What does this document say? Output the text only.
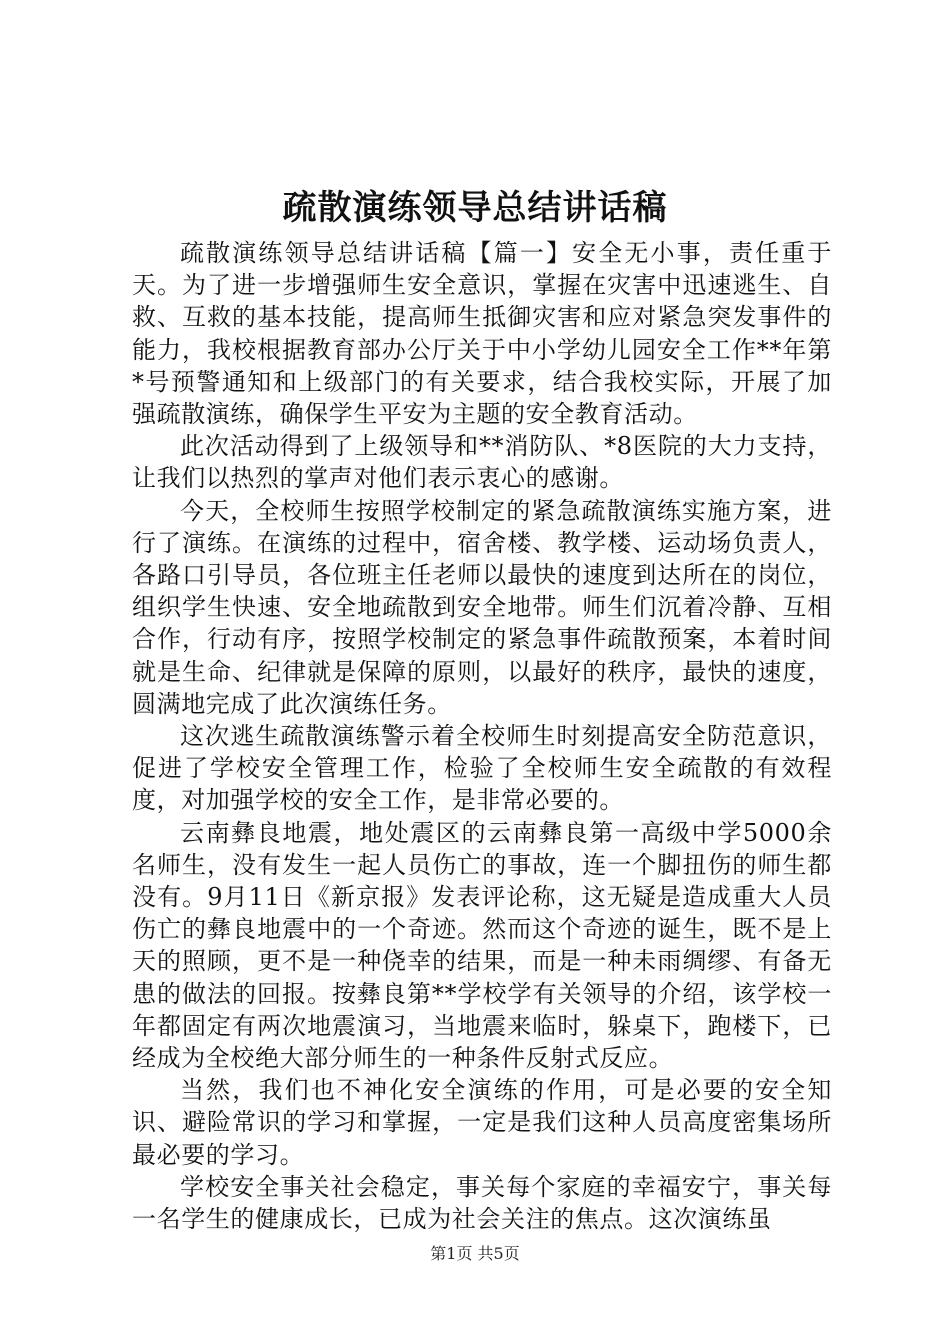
疏散演练领导总结讲话稿

疏散演练领导总结讲话稿【篇一】安全无小事，责任重于天。为了进一步增强师生安全意识，掌握在灾害中迅速逃生、自救、互救的基本技能，提高师生抵御灾害和应对紧急突发事件的能力，我校根据教育部办公厅关于中小学幼儿园安全工作**年第*号预警通知和上级部门的有关要求，结合我校实际，开展了加强疏散演练，确保学生平安为主题的安全教育活动。

此次活动得到了上级领导和**消防队、*8医院的大力支持，让我们以热烈的掌声对他们表示衷心的感谢。

今天，全校师生按照学校制定的紧急疏散演练实施方案，进行了演练。在演练的过程中，宿舍楼、教学楼、运动场负责人，各路口引导员，各位班主任老师以最快的速度到达所在的岗位，组织学生快速、安全地疏散到安全地带。师生们沉着冷静、互相合作，行动有序，按照学校制定的紧急事件疏散预案，本着时间就是生命、纪律就是保障的原则，以最好的秩序，最快的速度，圆满地完成了此次演练任务。

这次逃生疏散演练警示着全校师生时刻提高安全防范意识，促进了学校安全管理工作，检验了全校师生安全疏散的有效程度，对加强学校的安全工作，是非常必要的。

云南彝良地震，地处震区的云南彝良第一高级中学5000余名师生，没有发生一起人员伤亡的事故，连一个脚扭伤的师生都没有。9月11日《新京报》发表评论称，这无疑是造成重大人员伤亡的彝良地震中的一个奇迹。然而这个奇迹的诞生，既不是上天的照顾，更不是一种侥幸的结果，而是一种未雨绸缪、有备无患的做法的回报。按彝良第**学校学有关领导的介绍，该学校一年都固定有两次地震演习，当地震来临时，躲桌下，跑楼下，已经成为全校绝大部分师生的一种条件反射式反应。

当然，我们也不神化安全演练的作用，可是必要的安全知识、避险常识的学习和掌握，一定是我们这种人员高度密集场所最必要的学习。

学校安全事关社会稳定，事关每个家庭的幸福安宁，事关每一名学生的健康成长，已成为社会关注的焦点。这次演练虽

第1页 共5页
